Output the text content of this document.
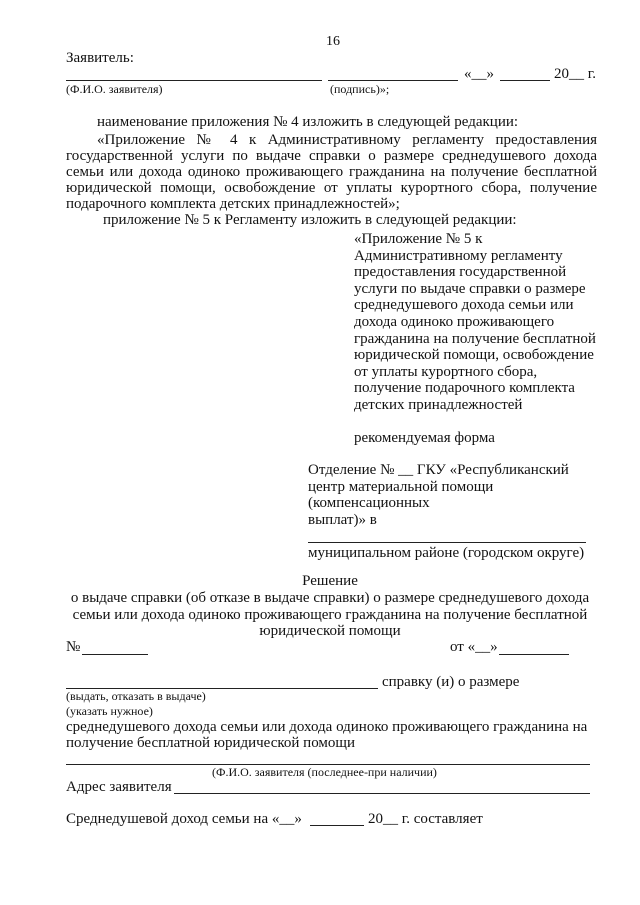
16
Заявитель:
«__»	20__ г.
(Ф.И.О. заявителя)	(подпись)»;
наименование приложения № 4 изложить в следующей редакции:
«Приложение № 4 к Административному регламенту предоставления
государственной услуги по выдаче справки о размере среднедушевого дохода
семьи или дохода одиноко проживающего гражданина на получение бесплатной
юридической помощи, освобождение от уплаты курортного сбора, получение
подарочного комплекта детских принадлежностей»;
приложение № 5 к Регламенту изложить в следующей редакции:
«Приложение № 5 к
Административному регламенту
предоставления государственной
услуги по выдаче справки о размере
среднедушевого дохода семьи или
дохода одиноко проживающего
гражданина на получение бесплатной
юридической помощи, освобождение
от уплаты курортного сбора,
получение подарочного комплекта
детских принадлежностей
рекомендуемая форма
Отделение № __ ГКУ «Республиканский
центр материальной помощи
(компенсационных
выплат)» в
муниципальном районе (городском округе)
Решение
о выдаче справки (об отказе в выдаче справки) о размере среднедушевого дохода
семьи или дохода одиноко проживающего гражданина на получение бесплатной
юридической помощи
№	от «__»
справку (и) о размере
(выдать, отказать в выдаче)
(указать нужное)
среднедушевого дохода семьи или дохода одиноко проживающего гражданина на
получение бесплатной юридической помощи
(Ф.И.О. заявителя (последнее-при наличии)
Адрес заявителя
Среднедушевой доход семьи на «__»	20__ г. составляет
